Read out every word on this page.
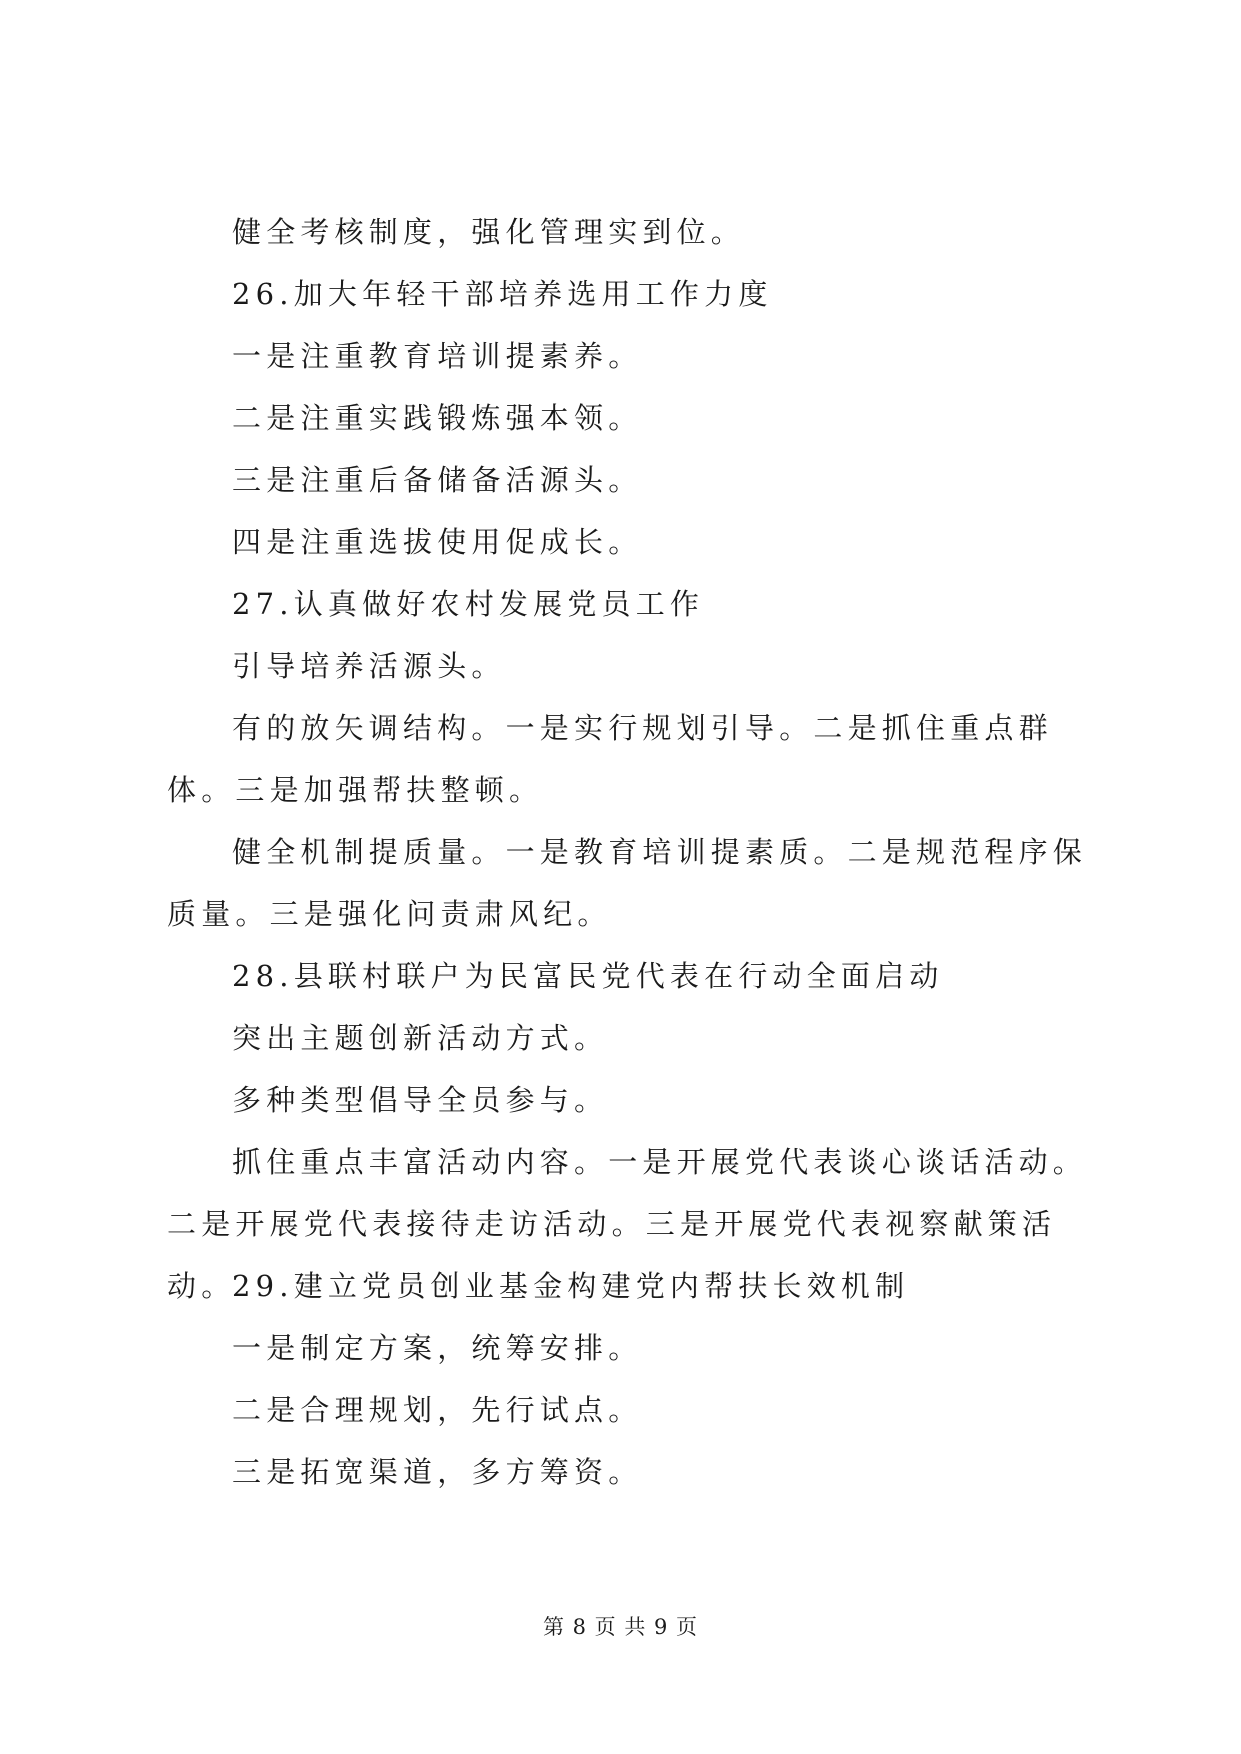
健全考核制度，强化管理实到位。

26.加大年轻干部培养选用工作力度

一是注重教育培训提素养。

二是注重实践锻炼强本领。

三是注重后备储备活源头。

四是注重选拔使用促成长。

27.认真做好农村发展党员工作

引导培养活源头。

有的放矢调结构。一是实行规划引导。二是抓住重点群体。三是加强帮扶整顿。

健全机制提质量。一是教育培训提素质。二是规范程序保质量。三是强化问责肃风纪。

28.县联村联户为民富民党代表在行动全面启动

突出主题创新活动方式。

多种类型倡导全员参与。

抓住重点丰富活动内容。一是开展党代表谈心谈话活动。二是开展党代表接待走访活动。三是开展党代表视察献策活动。

29.建立党员创业基金构建党内帮扶长效机制

一是制定方案，统筹安排。

二是合理规划，先行试点。

三是拓宽渠道，多方筹资。

第 8 页 共 9 页
